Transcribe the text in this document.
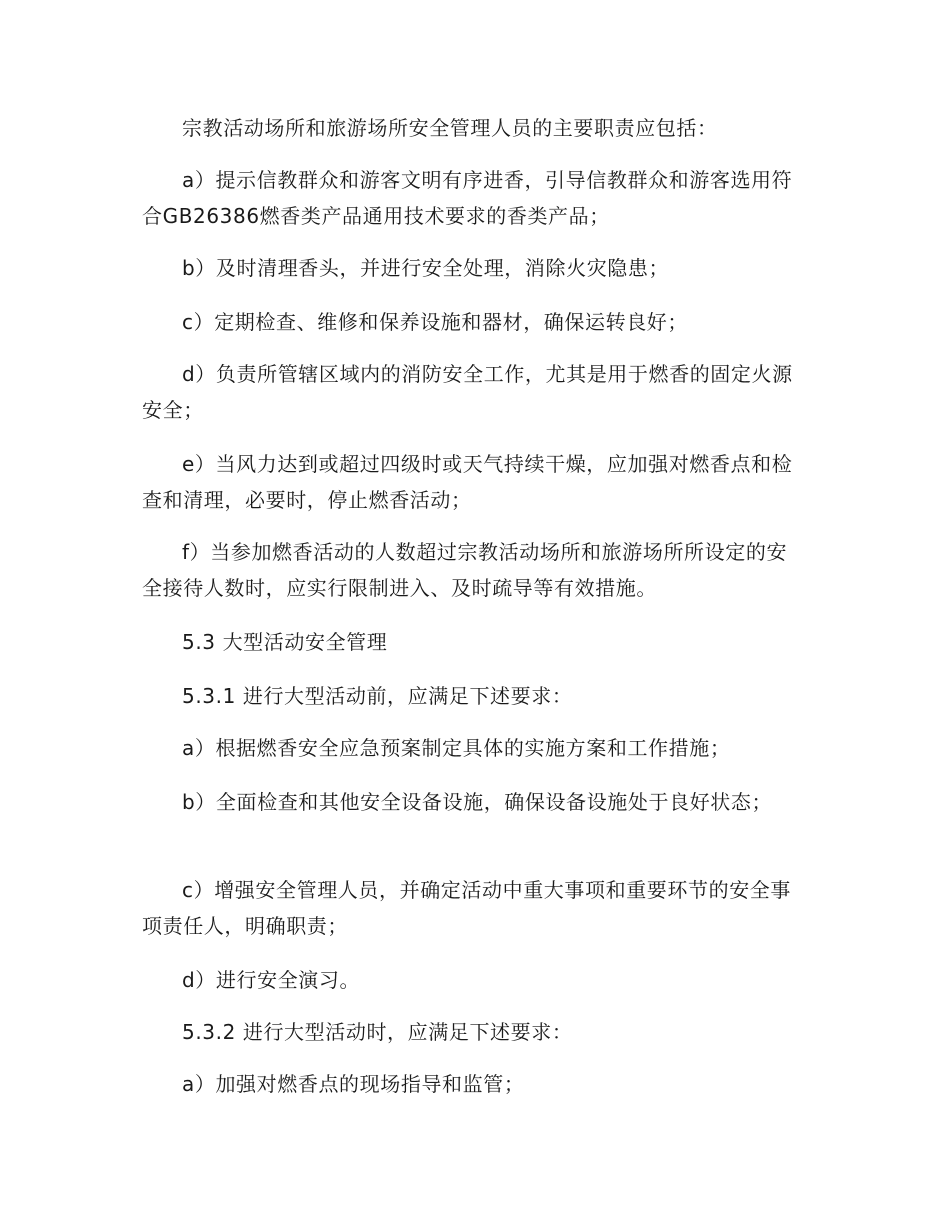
宗教活动场所和旅游场所安全管理人员的主要职责应包括：

a）提示信教群众和游客文明有序进香，引导信教群众和游客选用符合GB26386燃香类产品通用技术要求的香类产品；

b）及时清理香头，并进行安全处理，消除火灾隐患；

c）定期检查、维修和保养设施和器材，确保运转良好；

d）负责所管辖区域内的消防安全工作，尤其是用于燃香的固定火源安全；

e）当风力达到或超过四级时或天气持续干燥，应加强对燃香点和检查和清理，必要时，停止燃香活动；

f）当参加燃香活动的人数超过宗教活动场所和旅游场所所设定的安全接待人数时，应实行限制进入、及时疏导等有效措施。

5.3 大型活动安全管理

5.3.1 进行大型活动前，应满足下述要求：

a）根据燃香安全应急预案制定具体的实施方案和工作措施；

b）全面检查和其他安全设备设施，确保设备设施处于良好状态；

c）增强安全管理人员，并确定活动中重大事项和重要环节的安全事项责任人，明确职责；

d）进行安全演习。

5.3.2 进行大型活动时，应满足下述要求：

a）加强对燃香点的现场指导和监管；
